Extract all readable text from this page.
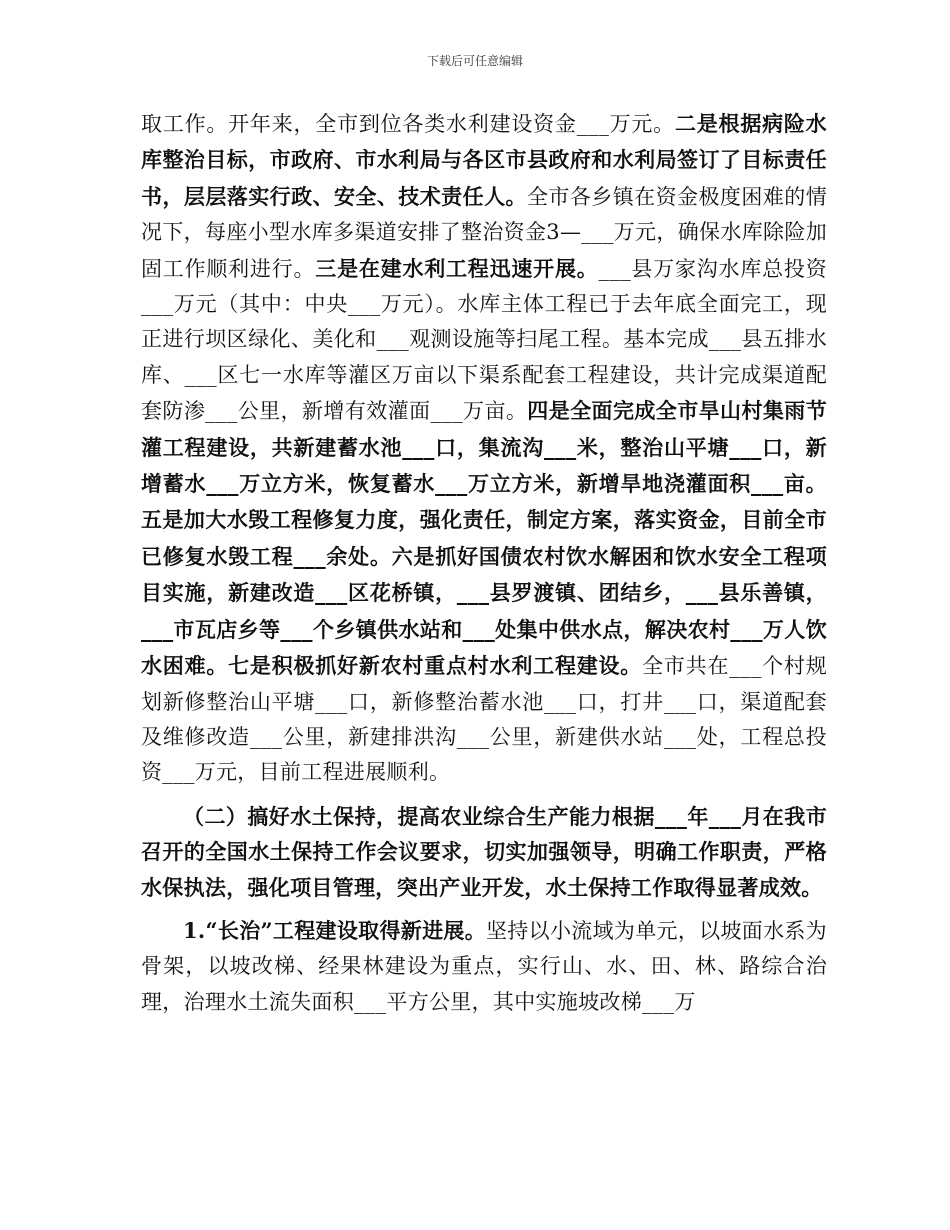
下载后可任意编辑

取工作。开年来，全市到位各类水利建设资金___万元。二是根据病险水库整治目标，市政府、市水利局与各区市县政府和水利局签订了目标责任书，层层落实行政、安全、技术责任人。全市各乡镇在资金极度困难的情况下，每座小型水库多渠道安排了整治资金3—___万元，确保水库除险加固工作顺利进行。三是在建水利工程迅速开展。___县万家沟水库总投资___万元（其中：中央___万元）。水库主体工程已于去年底全面完工，现正进行坝区绿化、美化和___观测设施等扫尾工程。基本完成___县五排水库、___区七一水库等灌区万亩以下渠系配套工程建设，共计完成渠道配套防渗___公里，新增有效灌面___万亩。四是全面完成全市旱山村集雨节灌工程建设，共新建蓄水池___口，集流沟___米，整治山平塘___口，新增蓄水___万立方米，恢复蓄水___万立方米，新增旱地浇灌面积___亩。五是加大水毁工程修复力度，强化责任，制定方案，落实资金，目前全市已修复水毁工程___余处。六是抓好国债农村饮水解困和饮水安全工程项目实施，新建改造___区花桥镇，___县罗渡镇、团结乡，___县乐善镇，___市瓦店乡等___个乡镇供水站和___处集中供水点，解决农村___万人饮水困难。七是积极抓好新农村重点村水利工程建设。全市共在___个村规划新修整治山平塘___口，新修整治蓄水池___口，打井___口，渠道配套及维修改造___公里，新建排洪沟___公里，新建供水站___处，工程总投资___万元，目前工程进展顺利。

（二）搞好水土保持，提高农业综合生产能力根据___年___月在我市召开的全国水土保持工作会议要求，切实加强领导，明确工作职责，严格水保执法，强化项目管理，突出产业开发，水土保持工作取得显著成效。

1.“长治”工程建设取得新进展。坚持以小流域为单元，以坡面水系为骨架，以坡改梯、经果林建设为重点，实行山、水、田、林、路综合治理，治理水土流失面积___平方公里，其中实施坡改梯___万
